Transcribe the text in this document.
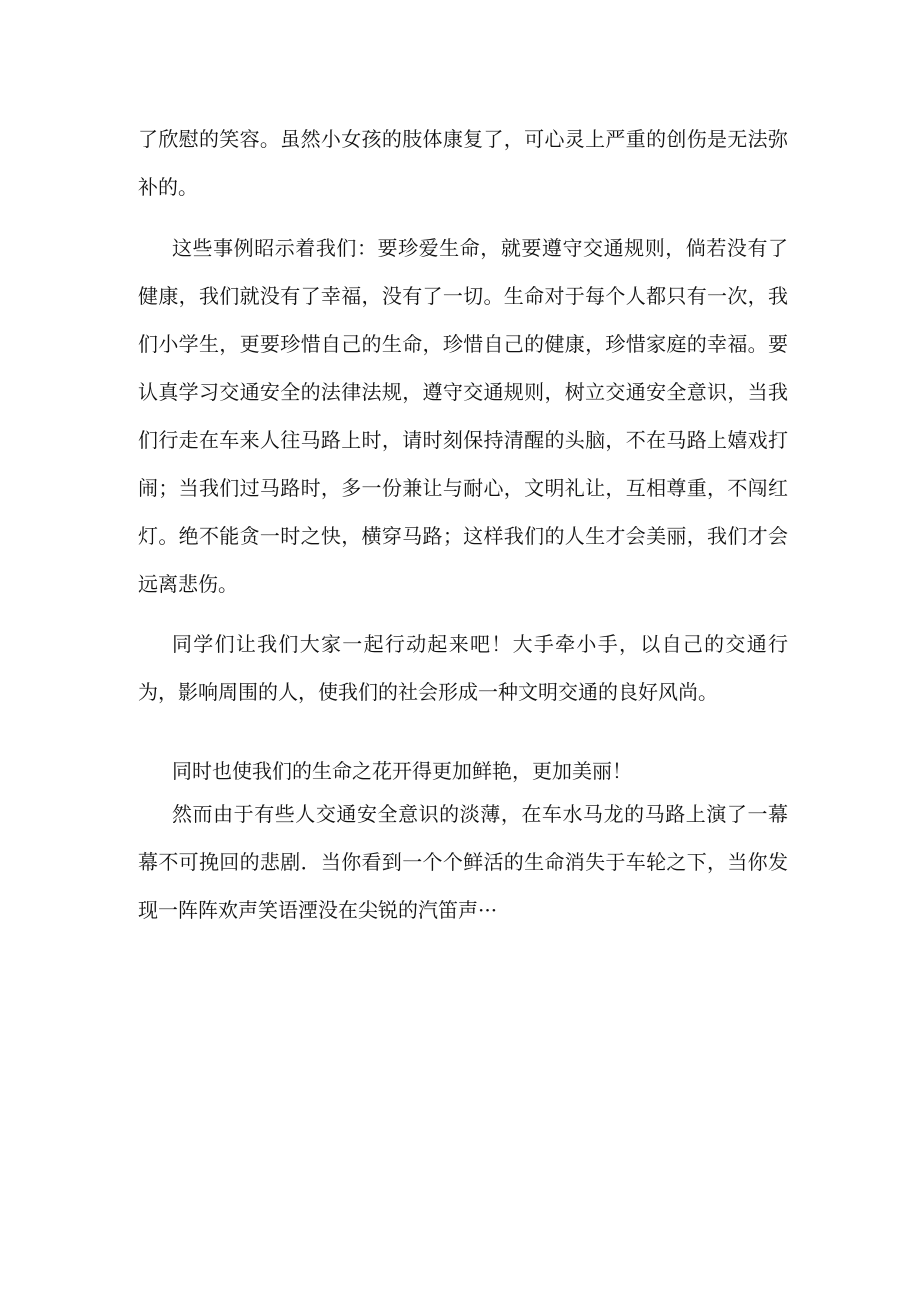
了欣慰的笑容。虽然小女孩的肢体康复了，可心灵上严重的创伤是无法弥补的。

这些事例昭示着我们：要珍爱生命，就要遵守交通规则，倘若没有了健康，我们就没有了幸福，没有了一切。生命对于每个人都只有一次，我们小学生，更要珍惜自己的生命，珍惜自己的健康，珍惜家庭的幸福。要认真学习交通安全的法律法规，遵守交通规则，树立交通安全意识，当我们行走在车来人往马路上时，请时刻保持清醒的头脑，不在马路上嬉戏打闹；当我们过马路时，多一份兼让与耐心，文明礼让，互相尊重，不闯红灯。绝不能贪一时之快，横穿马路；这样我们的人生才会美丽，我们才会远离悲伤。

同学们让我们大家一起行动起来吧！大手牵小手，以自己的交通行为，影响周围的人，使我们的社会形成一种文明交通的良好风尚。

同时也使我们的生命之花开得更加鲜艳，更加美丽！

然而由于有些人交通安全意识的淡薄，在车水马龙的马路上演了一幕幕不可挽回的悲剧．当你看到一个个鲜活的生命消失于车轮之下，当你发现一阵阵欢声笑语湮没在尖锐的汽笛声···
